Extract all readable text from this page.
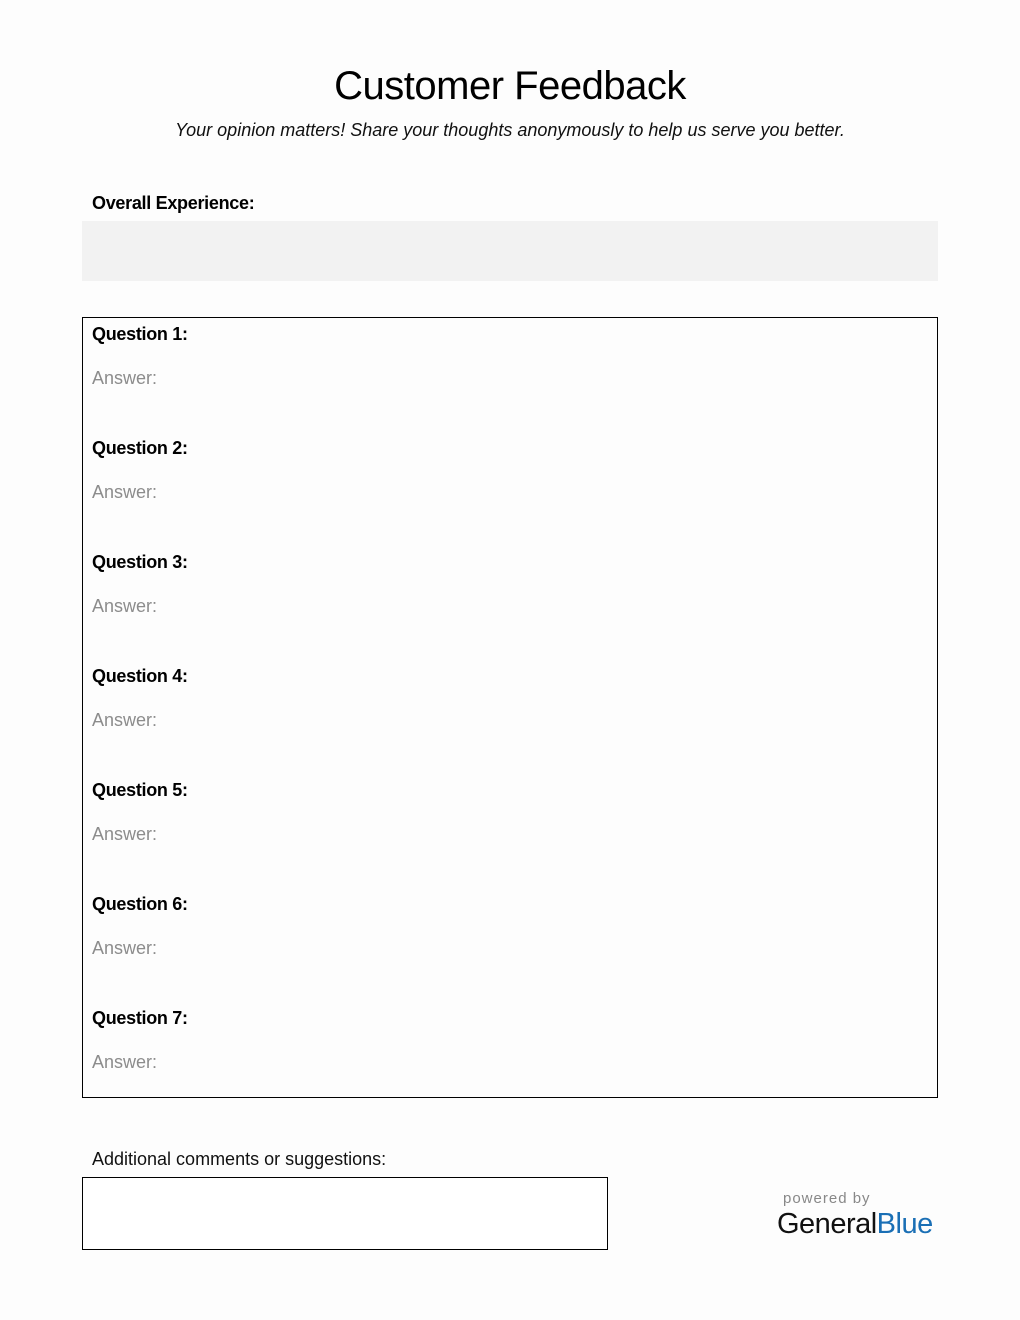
Customer Feedback
Your opinion matters! Share your thoughts anonymously to help us serve you better.
Overall Experience:
Question 1:
Answer:
Question 2:
Answer:
Question 3:
Answer:
Question 4:
Answer:
Question 5:
Answer:
Question 6:
Answer:
Question 7:
Answer:
Additional comments or suggestions:
powered by
GeneralBlue
